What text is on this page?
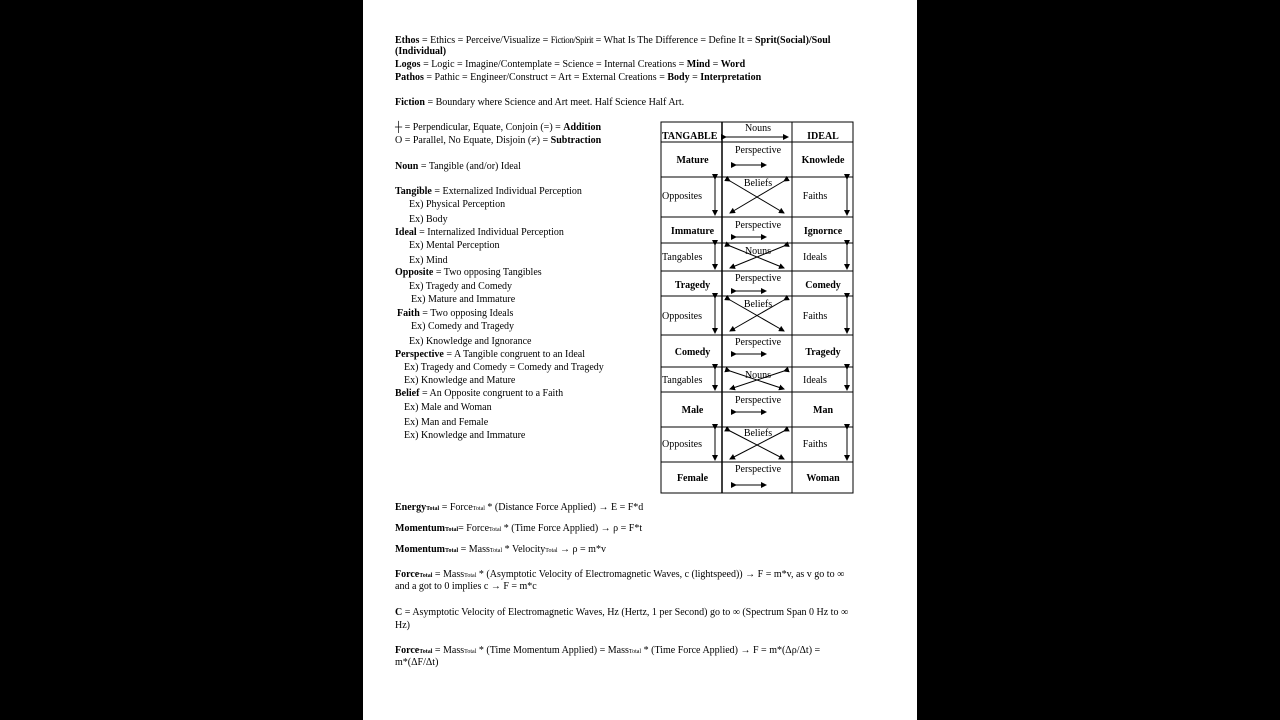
Ethos = Ethics = Perceive/Visualize = Fiction/Spirit = What Is The Difference = Define It = Sprit(Social)/Soul
(Individual)
Logos = Logic = Imagine/Contemplate = Science = Internal Creations = Mind = Word
Pathos = Pathic = Engineer/Construct = Art = External Creations = Body = Interpretation
Fiction = Boundary where Science and Art meet. Half Science Half Art.
┼ = Perpendicular, Equate, Conjoin (=) = Addition
O = Parallel, No Equate, Disjoin (≠) = Subtraction
Noun = Tangible (and/or) Ideal
Tangible = Externalized Individual Perception
Ex) Physical Perception
Ex) Body
Ideal = Internalized Individual Perception
Ex) Mental Perception
Ex) Mind
Opposite = Two opposing Tangibles
Ex) Tragedy and Comedy
Ex) Mature and Immature
Faith = Two opposing Ideals
Ex) Comedy and Tragedy
Ex) Knowledge and Ignorance
Perspective = A Tangible congruent to an Ideal
Ex) Tragedy and Comedy = Comedy and Tragedy
Ex) Knowledge and Mature
Belief = An Opposite congruent to a Faith
Ex) Male and Woman
Ex) Man and Female
Ex) Knowledge and Immature
TANGABLE
Nouns
IDEAL
Mature
Perspective
Knowlede
Opposites
Beliefs
Faiths
Immature
Perspective
Ignornce
Tangables
Nouns
Ideals
Tragedy
Perspective
Comedy
Opposites
Beliefs
Faiths
Comedy
Perspective
Tragedy
Tangables	Nouns	Ideals
Male
Perspective
Man
Opposites
Beliefs
Faiths
Female
Perspective
Woman
EnergyTotal = ForceTotal * (Distance Force Applied) → E = F*d
MomentumTotal= ForceTotal * (Time Force Applied) → ρ = F*t
MomentumTotal = MassTotal * VelocityTotal → ρ = m*v
ForceTotal = MassTotal * (Asymptotic Velocity of Electromagnetic Waves, c (lightspeed)) → F = m*v, as v go to ∞
and a got to 0 implies c → F = m*c
C = Asymptotic Velocity of Electromagnetic Waves, Hz (Hertz, 1 per Second) go to ∞ (Spectrum Span 0 Hz to ∞
Hz)
ForceTotal = MassTotal * (Time Momentum Applied) = MassTotal * (Time Force Applied) → F = m*(Δρ/Δt) =
m*(ΔF/Δt)
